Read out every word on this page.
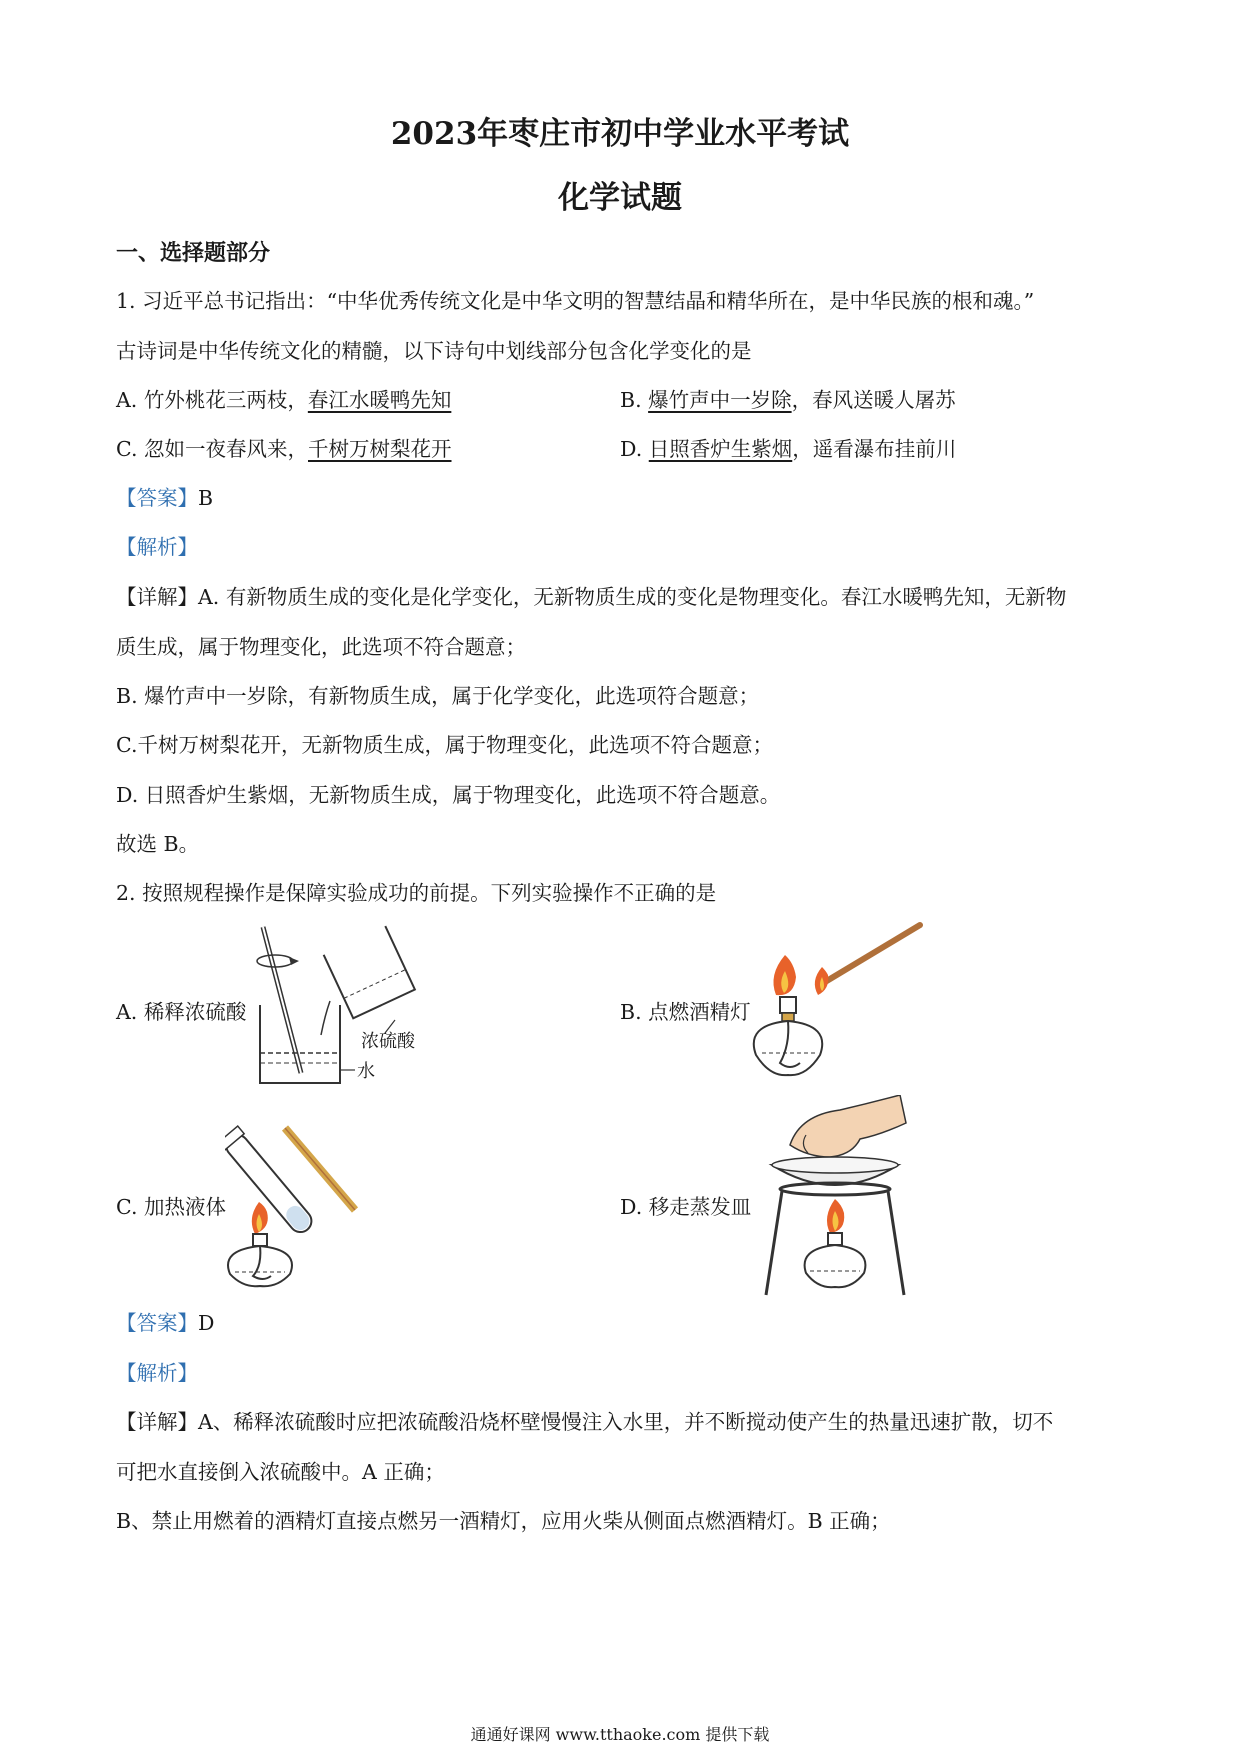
2023年枣庄市初中学业水平考试
化学试题
一、选择题部分
1. 习近平总书记指出：“中华优秀传统文化是中华文明的智慧结晶和精华所在，是中华民族的根和魂。”
古诗词是中华传统文化的精髓，以下诗句中划线部分包含化学变化的是
A. 竹外桃花三两枝，春江水暖鸭先知	B. 爆竹声中一岁除，春风送暖人屠苏
C. 忽如一夜春风来，千树万树梨花开	D. 日照香炉生紫烟，遥看瀑布挂前川
【答案】B
【解析】
【详解】A. 有新物质生成的变化是化学变化，无新物质生成的变化是物理变化。春江水暖鸭先知，无新物
质生成，属于物理变化，此选项不符合题意；
B. 爆竹声中一岁除，有新物质生成，属于化学变化，此选项符合题意；
C.千树万树梨花开，无新物质生成，属于物理变化，此选项不符合题意；
D. 日照香炉生紫烟，无新物质生成，属于物理变化，此选项不符合题意。
故选 B。
2. 按照规程操作是保障实验成功的前提。下列实验操作不正确的是
A. 稀释浓硫酸	B. 点燃酒精灯
C. 加热液体	D. 移走蒸发皿
浓硫酸
水
【答案】D
【解析】
【详解】A、稀释浓硫酸时应把浓硫酸沿烧杯壁慢慢注入水里，并不断搅动使产生的热量迅速扩散，切不
可把水直接倒入浓硫酸中。A 正确；
B、禁止用燃着的酒精灯直接点燃另一酒精灯，应用火柴从侧面点燃酒精灯。B 正确；
通通好课网 www.tthaoke.com 提供下载
